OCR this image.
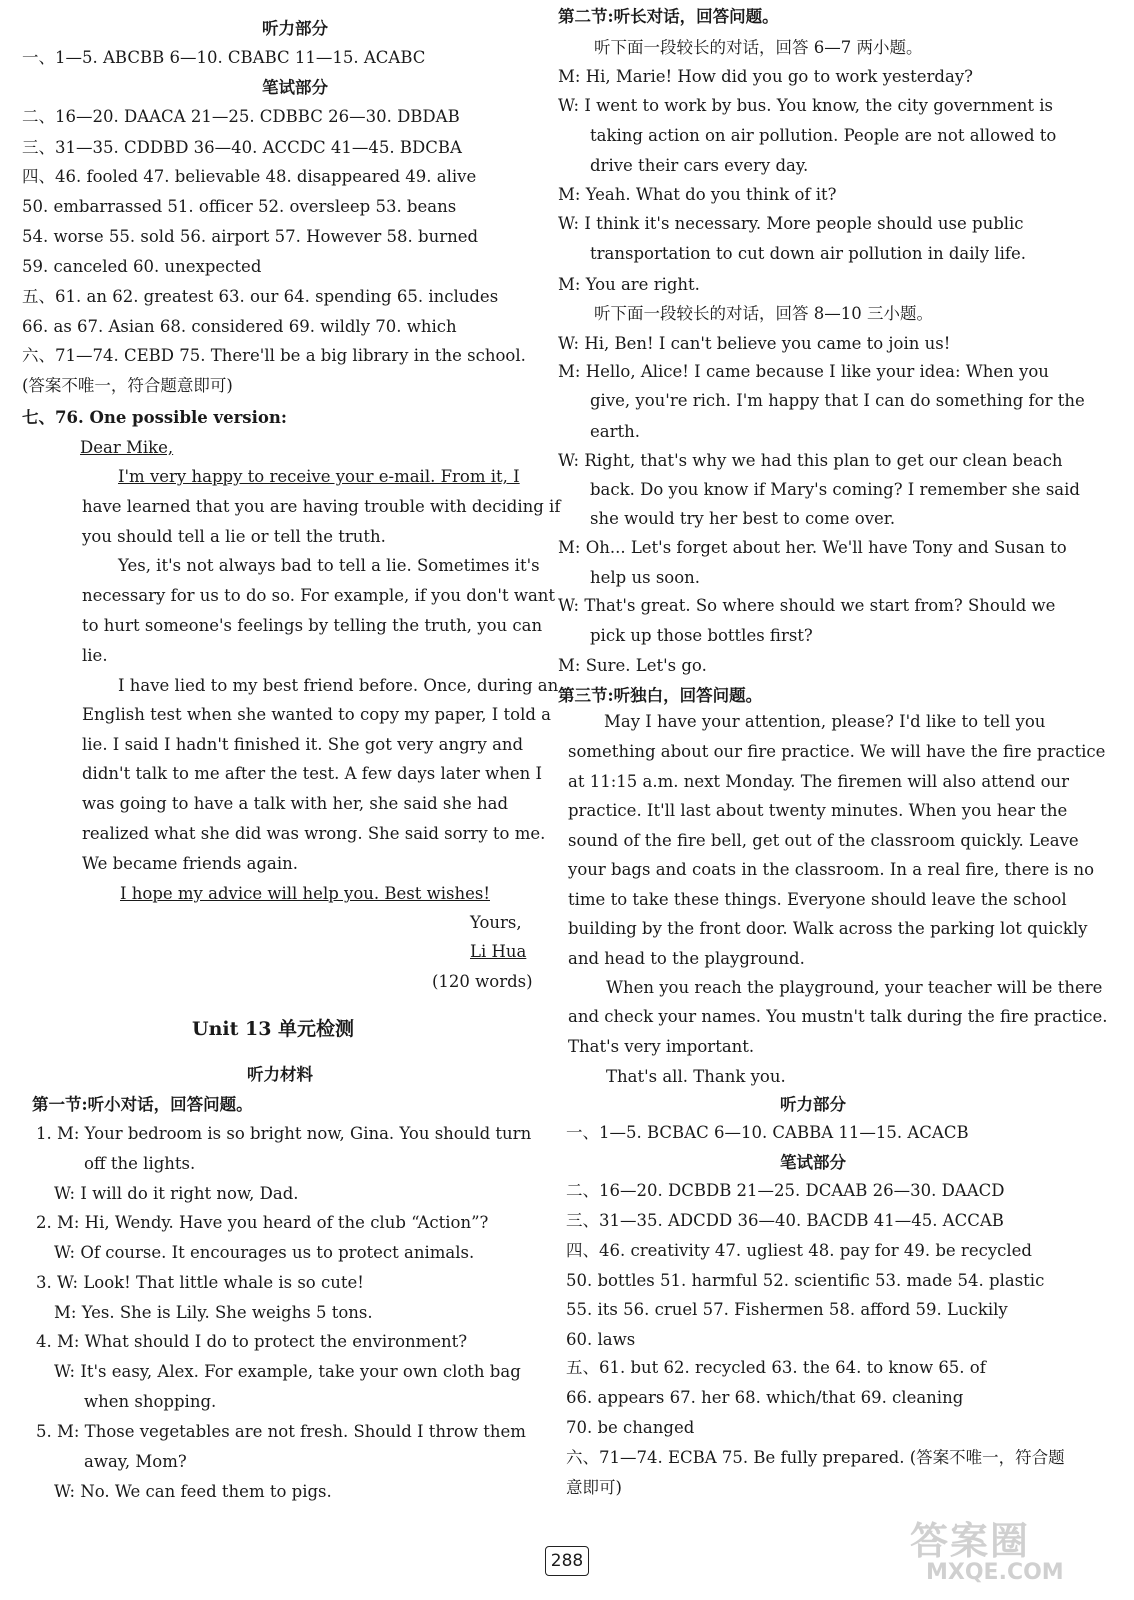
听力部分
一、1—5. ABCBB 6—10. CBABC 11—15. ACABC
笔试部分
二、16—20. DAACA 21—25. CDBBC 26—30. DBDAB
三、31—35. CDDBD 36—40. ACCDC 41—45. BDCBA
四、46. fooled 47. believable 48. disappeared 49. alive
50. embarrassed 51. officer 52. oversleep 53. beans
54. worse 55. sold 56. airport 57. However 58. burned
59. canceled 60. unexpected
五、61. an 62. greatest 63. our 64. spending 65. includes
66. as 67. Asian 68. considered 69. wildly 70. which
六、71—74. CEBD 75. There'll be a big library in the school.
(答案不唯一，符合题意即可)
七、76. One possible version:
Dear Mike,
I'm very happy to receive your e-mail. From it, I
have learned that you are having trouble with deciding if
you should tell a lie or tell the truth.
Yes, it's not always bad to tell a lie. Sometimes it's
necessary for us to do so. For example, if you don't want
to hurt someone's feelings by telling the truth, you can
lie.
I have lied to my best friend before. Once, during an
English test when she wanted to copy my paper, I told a
lie. I said I hadn't finished it. She got very angry and
didn't talk to me after the test. A few days later when I
was going to have a talk with her, she said she had
realized what she did was wrong. She said sorry to me.
We became friends again.
I hope my advice will help you. Best wishes!
Yours,
Li Hua
(120 words)
Unit 13 单元检测
听力材料
第一节:听小对话，回答问题。
1. M: Your bedroom is so bright now, Gina. You should turn
off the lights.
W: I will do it right now, Dad.
2. M: Hi, Wendy. Have you heard of the club “Action”?
W: Of course. It encourages us to protect animals.
3. W: Look! That little whale is so cute!
M: Yes. She is Lily. She weighs 5 tons.
4. M: What should I do to protect the environment?
W: It's easy, Alex. For example, take your own cloth bag
when shopping.
5. M: Those vegetables are not fresh. Should I throw them
away, Mom?
W: No. We can feed them to pigs.
第二节:听长对话，回答问题。
听下面一段较长的对话，回答 6—7 两小题。
M: Hi, Marie! How did you go to work yesterday?
W: I went to work by bus. You know, the city government is
taking action on air pollution. People are not allowed to
drive their cars every day.
M: Yeah. What do you think of it?
W: I think it's necessary. More people should use public
transportation to cut down air pollution in daily life.
M: You are right.
听下面一段较长的对话，回答 8—10 三小题。
W: Hi, Ben! I can't believe you came to join us!
M: Hello, Alice! I came because I like your idea: When you
give, you're rich. I'm happy that I can do something for the
earth.
W: Right, that's why we had this plan to get our clean beach
back. Do you know if Mary's coming? I remember she said
she would try her best to come over.
M: Oh... Let's forget about her. We'll have Tony and Susan to
help us soon.
W: That's great. So where should we start from? Should we
pick up those bottles first?
M: Sure. Let's go.
第三节:听独白，回答问题。
May I have your attention, please? I'd like to tell you
something about our fire practice. We will have the fire practice
at 11:15 a.m. next Monday. The firemen will also attend our
practice. It'll last about twenty minutes. When you hear the
sound of the fire bell, get out of the classroom quickly. Leave
your bags and coats in the classroom. In a real fire, there is no
time to take these things. Everyone should leave the school
building by the front door. Walk across the parking lot quickly
and head to the playground.
When you reach the playground, your teacher will be there
and check your names. You mustn't talk during the fire practice.
That's very important.
That's all. Thank you.
听力部分
一、1—5. BCBAC 6—10. CABBA 11—15. ACACB
笔试部分
二、16—20. DCBDB 21—25. DCAAB 26—30. DAACD
三、31—35. ADCDD 36—40. BACDB 41—45. ACCAB
四、46. creativity 47. ugliest 48. pay for 49. be recycled
50. bottles 51. harmful 52. scientific 53. made 54. plastic
55. its 56. cruel 57. Fishermen 58. afford 59. Luckily
60. laws
五、61. but 62. recycled 63. the 64. to know 65. of
66. appears 67. her 68. which/that 69. cleaning
70. be changed
六、71—74. ECBA 75. Be fully prepared. (答案不唯一，符合题
意即可)
288	答案圈
MXQE.COM
